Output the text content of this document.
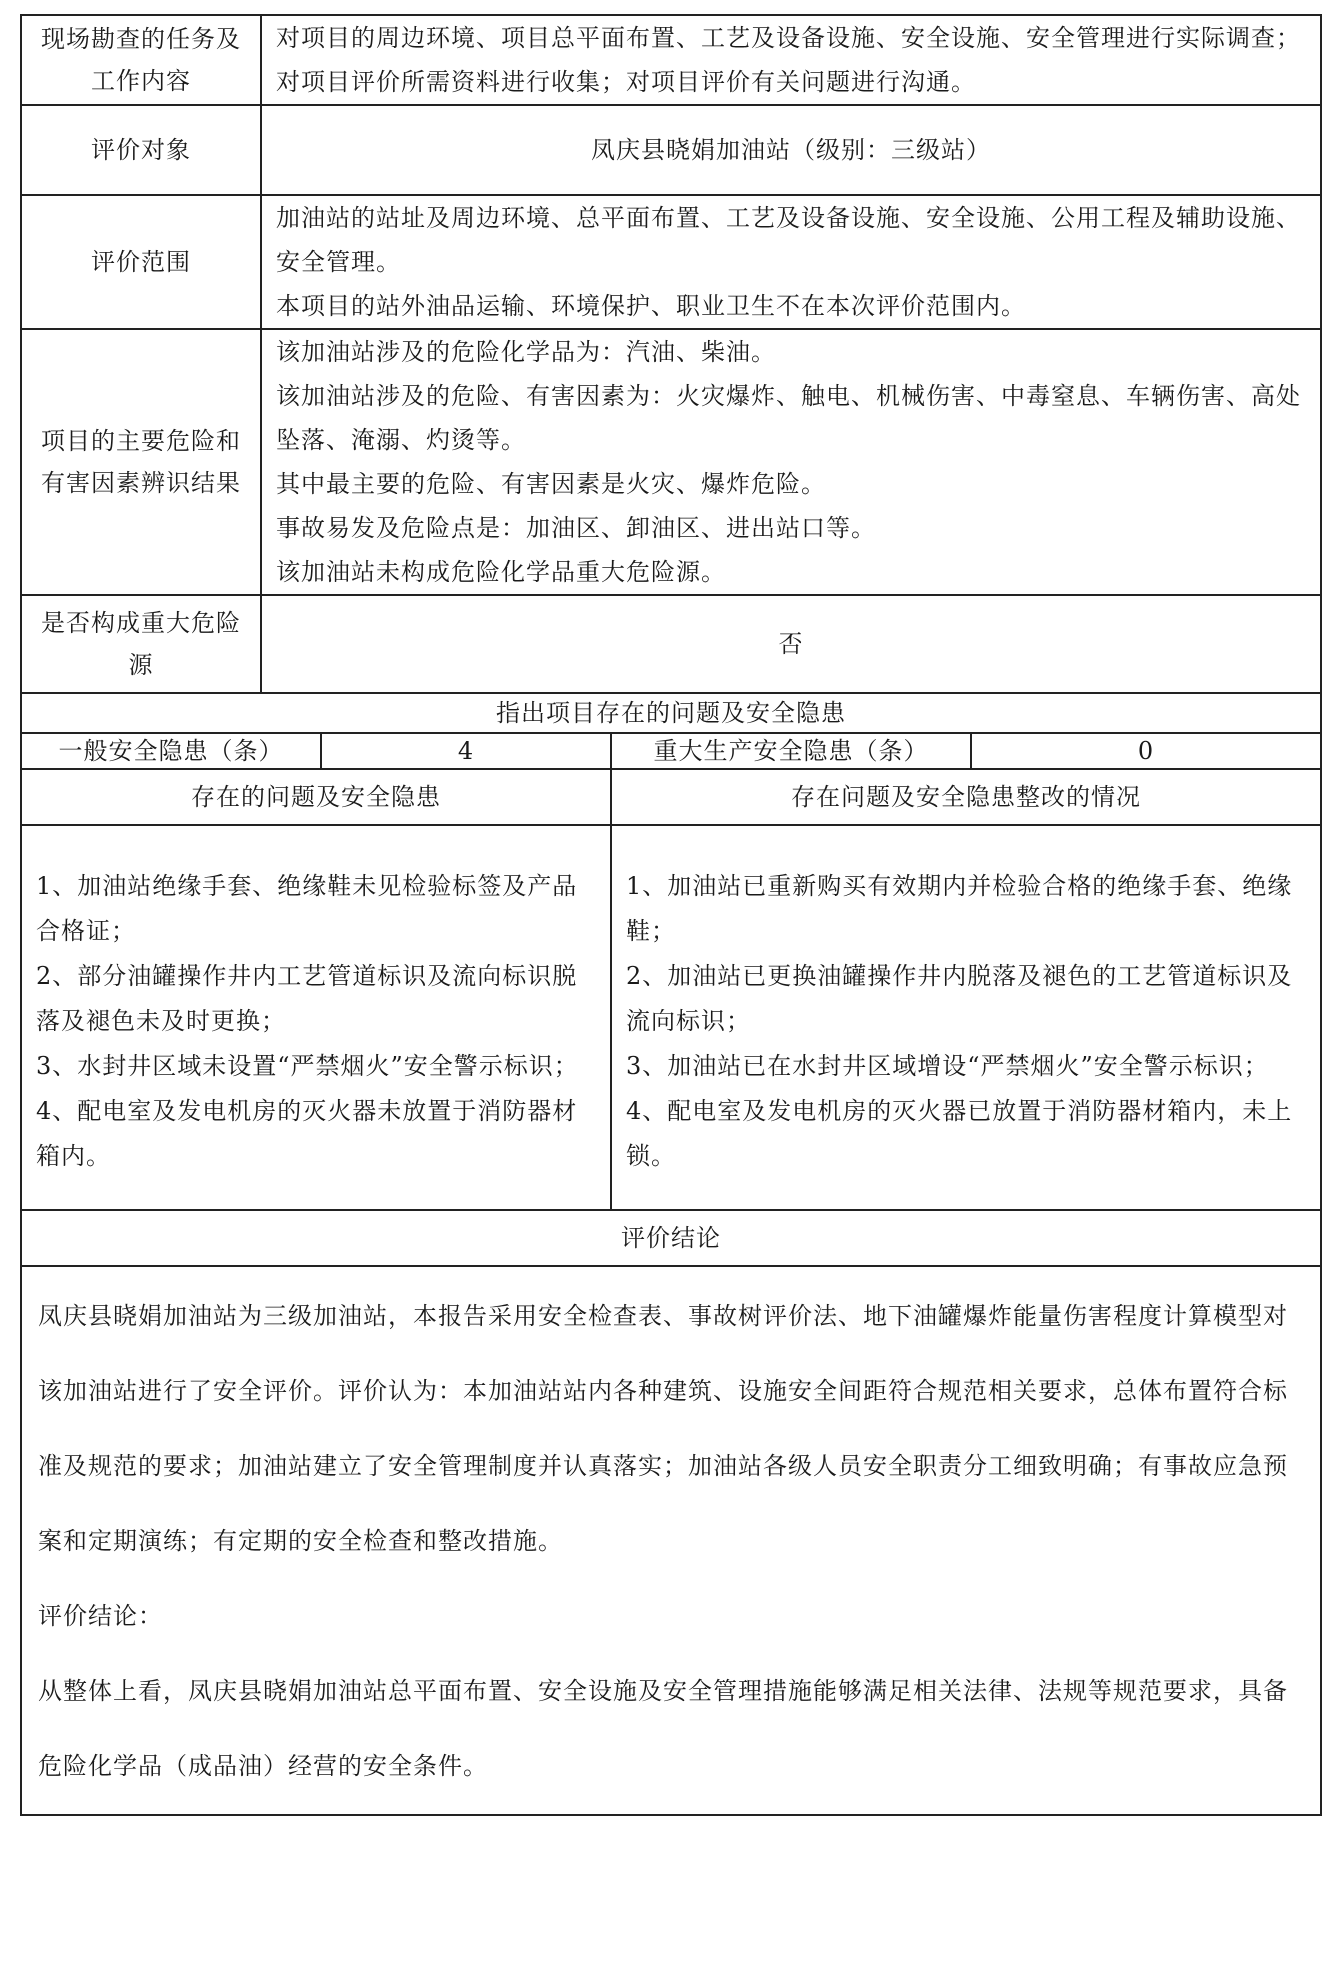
现场勘查的任务及工作内容	对项目的周边环境、项目总平面布置、工艺及设备设施、安全设施、安全管理进行实际调查；对项目评价所需资料进行收集；对项目评价有关问题进行沟通。			

评价对象	凤庆县晓娟加油站（级别：三级站）			

评价范围	加油站的站址及周边环境、总平面布置、工艺及设备设施、安全设施、公用工程及辅助设施、安全管理。
本项目的站外油品运输、环境保护、职业卫生不在本次评价范围内。			

项目的主要危险和有害因素辨识结果	该加油站涉及的危险化学品为：汽油、柴油。
该加油站涉及的危险、有害因素为：火灾爆炸、触电、机械伤害、中毒窒息、车辆伤害、高处坠落、淹溺、灼烫等。
其中最主要的危险、有害因素是火灾、爆炸危险。
事故易发及危险点是：加油区、卸油区、进出站口等。
该加油站未构成危险化学品重大危险源。			

是否构成重大危险源	否			

指出项目存在的问题及安全隐患				
一般安全隐患（条）		4	重大生产安全隐患（条）	0
存在的问题及安全隐患			存在问题及安全隐患整改的情况	

1、加油站绝缘手套、绝缘鞋未见检验标签及产品合格证；
2、部分油罐操作井内工艺管道标识及流向标识脱落及褪色未及时更换；
3、水封井区域未设置“严禁烟火”安全警示标识；
4、配电室及发电机房的灭火器未放置于消防器材箱内。			1、加油站已重新购买有效期内并检验合格的绝缘手套、绝缘鞋；
2、加油站已更换油罐操作井内脱落及褪色的工艺管道标识及流向标识；
3、加油站已在水封井区域增设“严禁烟火”安全警示标识；
4、配电室及发电机房的灭火器已放置于消防器材箱内，未上锁。	

评价结论				

凤庆县晓娟加油站为三级加油站，本报告采用安全检查表、事故树评价法、地下油罐爆炸能量伤害程度计算模型对该加油站进行了安全评价。评价认为：本加油站站内各种建筑、设施安全间距符合规范相关要求，总体布置符合标准及规范的要求；加油站建立了安全管理制度并认真落实；加油站各级人员安全职责分工细致明确；有事故应急预案和定期演练；有定期的安全检查和整改措施。
评价结论：
从整体上看，凤庆县晓娟加油站总平面布置、安全设施及安全管理措施能够满足相关法律、法规等规范要求，具备危险化学品（成品油）经营的安全条件。				
